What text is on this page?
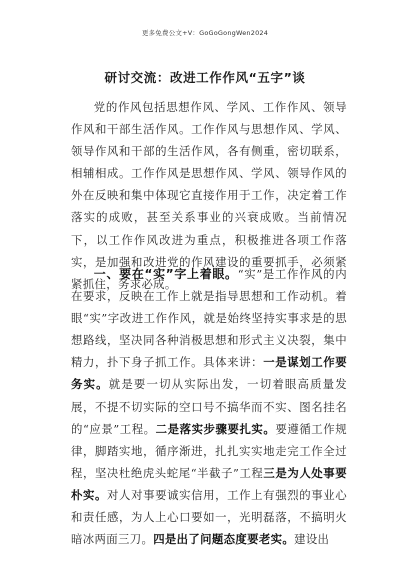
更多免费公文+V：GoGoGongWen2024
研讨交流：改进工作作风“五字”谈

党的作风包括思想作风、学风、工作作风、领导作风和干部生活作风。工作作风与思想作风、学风、领导作风和干部的生活作风，各有侧重，密切联系，相辅相成。工作作风是思想作风、学风、领导作风的外在反映和集中体现它直接作用于工作，决定着工作落实的成败，甚至关系事业的兴衰成败。当前情况下，以工作作风改进为重点，积极推进各项工作落实，是加强和改进党的作风建设的重要抓手，必须紧紧抓住，务求必成。

一、要在“实”字上着眼。“实”是工作作风的内在要求，反映在工作上就是指导思想和工作动机。着眼“实”字改进工作作风，就是始终坚持实事求是的思想路线，坚决同各种消极思想和形式主义决裂，集中精力，扑下身子抓工作。具体来讲：一是谋划工作要务实。就是要一切从实际出发，一切着眼高质量发展，不提不切实际的空口号不搞华而不实、图名挂名的“应景”工程。二是落实步骤要扎实。要遵循工作规律，脚踏实地，循序渐进，扎扎实实地走完工作全过程，坚决杜绝虎头蛇尾“半截子”工程三是为人处事要朴实。对人对事要诚实信用，工作上有强烈的事业心和责任感，为人上心口要如一，光明磊落，不搞明火暗冰两面三刀。四是出了问题态度要老实。建设出
